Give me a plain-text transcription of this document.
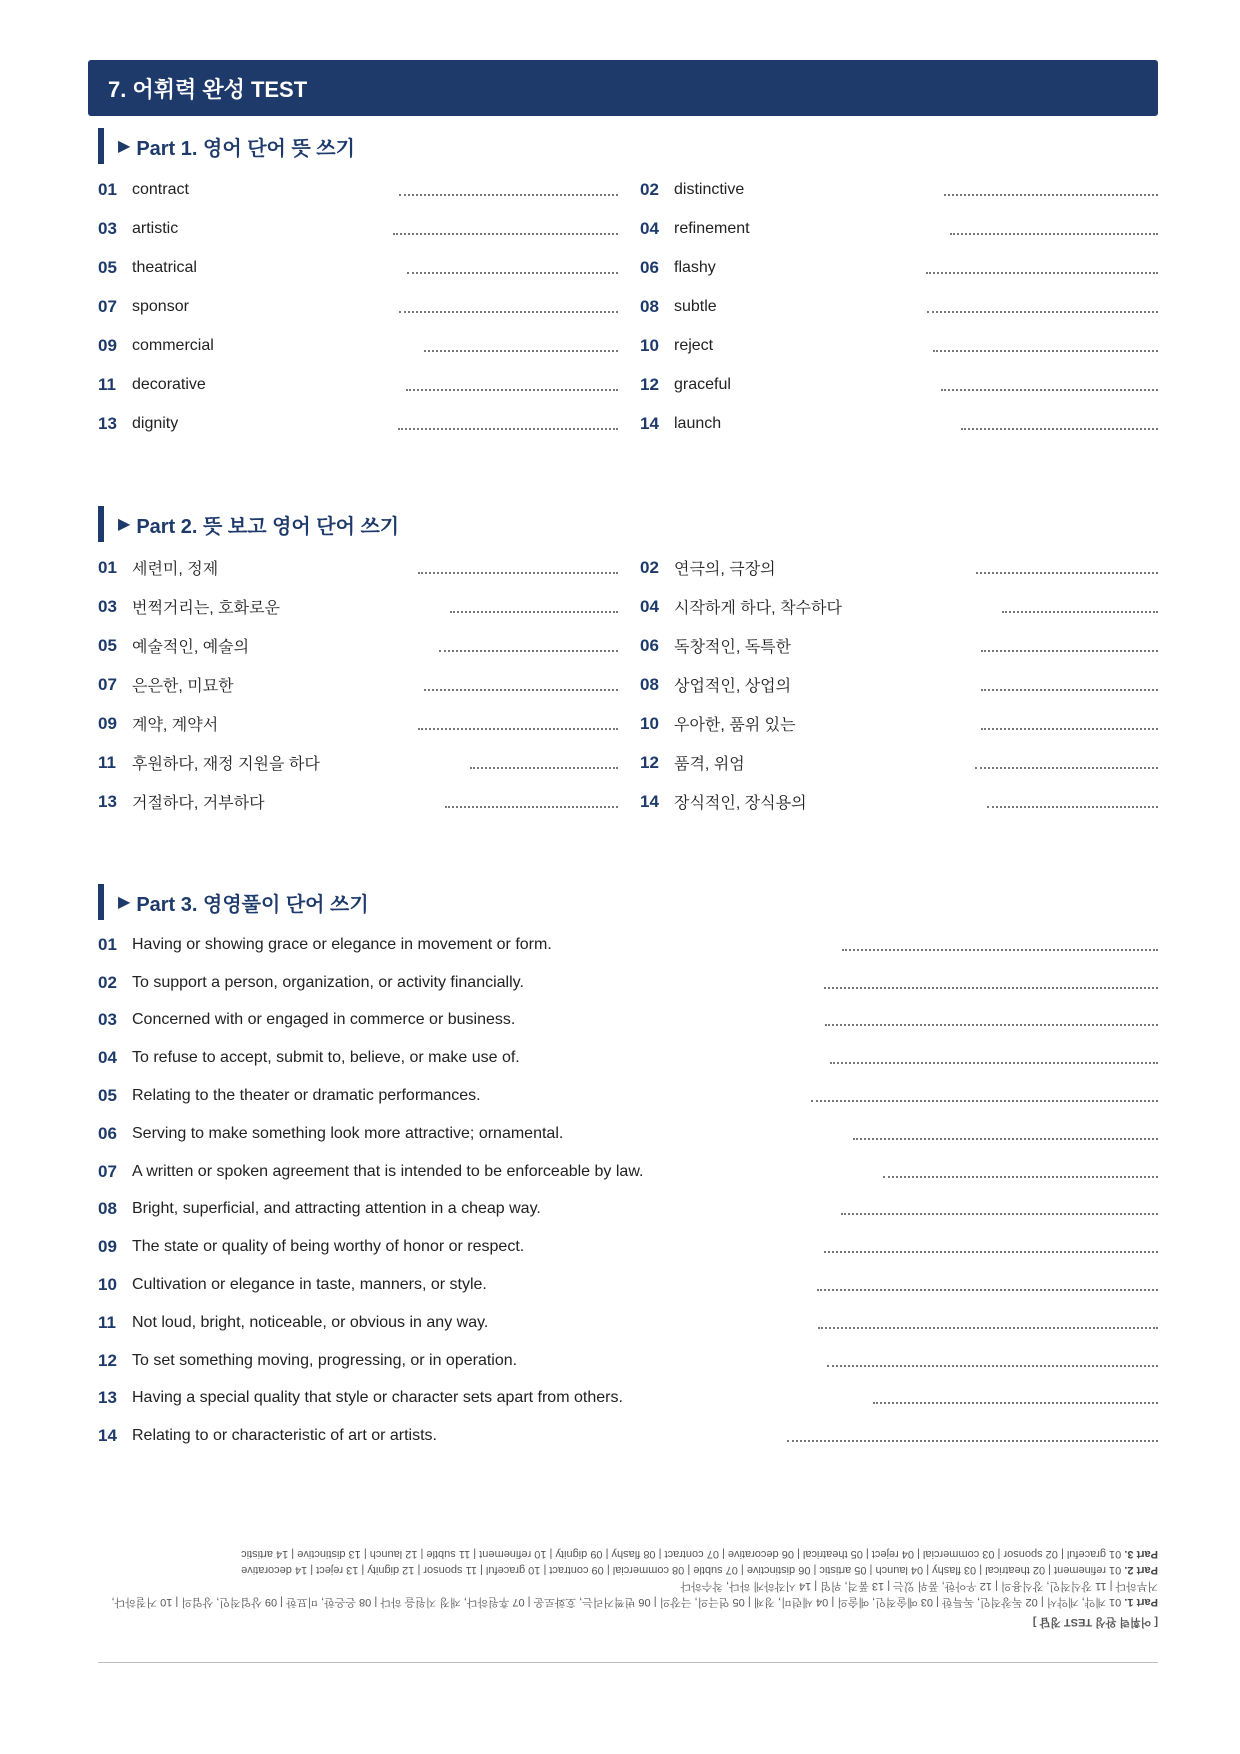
7. 어휘력 완성 TEST
▶ Part 1. 영어 단어 뜻 쓰기
01 contract	02 distinctive
03 artistic	04 refinement
05 theatrical	06 flashy
07 sponsor	08 subtle
09 commercial	10 reject
11	decorative	12 graceful
13 dignity	14 launch
▶ Part 2. 뜻 보고 영어 단어 쓰기
01 세련미, 정제	02 연극의, 극장의
03 번쩍거리는, 호화로운	04 시작하게 하다, 착수하다
05 예술적인, 예술의	06 독창적인, 독특한
07 은은한, 미묘한	08 상업적인, 상업의
09 계약, 계약서	10 우아한, 품위 있는
11	후원하다, 재정 지원을 하다	12 품격, 위엄
13 거절하다, 거부하다	14 장식적인, 장식용의
▶ Part 3. 영영풀이 단어 쓰기
01 Having or showing grace or elegance in movement or form.
02 To support a person, organization, or activity financially.
03 Concerned with or engaged in commerce or business.
04 To refuse to accept, submit to, believe, or make use of.
05 Relating to the theater or dramatic performances.
06 Serving to make something look more attractive; ornamental.
07 A written or spoken agreement that is intended to be enforceable by law.
08 Bright, superficial, and attracting attention in a cheap way.
09 The state or quality of being worthy of honor or respect.
10 Cultivation or elegance in taste, manners, or style.
11	Not loud, bright, noticeable, or obvious in any way.
12 To set something moving, progressing, or in operation.
13 Having a special quality that style or character sets apart from others.
14 Relating to or characteristic of art or artists.
[ 어휘력 완성 TEST 정답 ]
Part 1. 01 계약, 계약서 | 02 독창적인, 독특한 | 03 예술적인, 예술의 | 04 세련미, 정제 | 05 연극의, 극장의 | 06 번쩍거리는, 호화로운 | 07 후원하다, 재정 지원을 하다 | 08 은은한, 미묘한 | 09 상업적인, 상업의 | 10 거절하다, 거부하다 | 11 장식적인, 장식용의 | 12 우아한, 품위 있는 | 13 품격, 위엄 | 14 시작하게 하다, 착수하다
Part 2. 01 refinement | 02 theatrical | 03 flashy | 04 launch | 05 artistic | 06 distinctive | 07 subtle | 08 commercial | 09 contract | 10 graceful | 11 sponsor | 12 dignity | 13 reject | 14 decorative
Part 3. 01 graceful | 02 sponsor | 03 commercial | 04 reject | 05 theatrical | 06 decorative | 07 contract | 08 flashy | 09 dignity | 10 refinement | 11 subtle | 12 launch | 13 distinctive | 14 artistic
